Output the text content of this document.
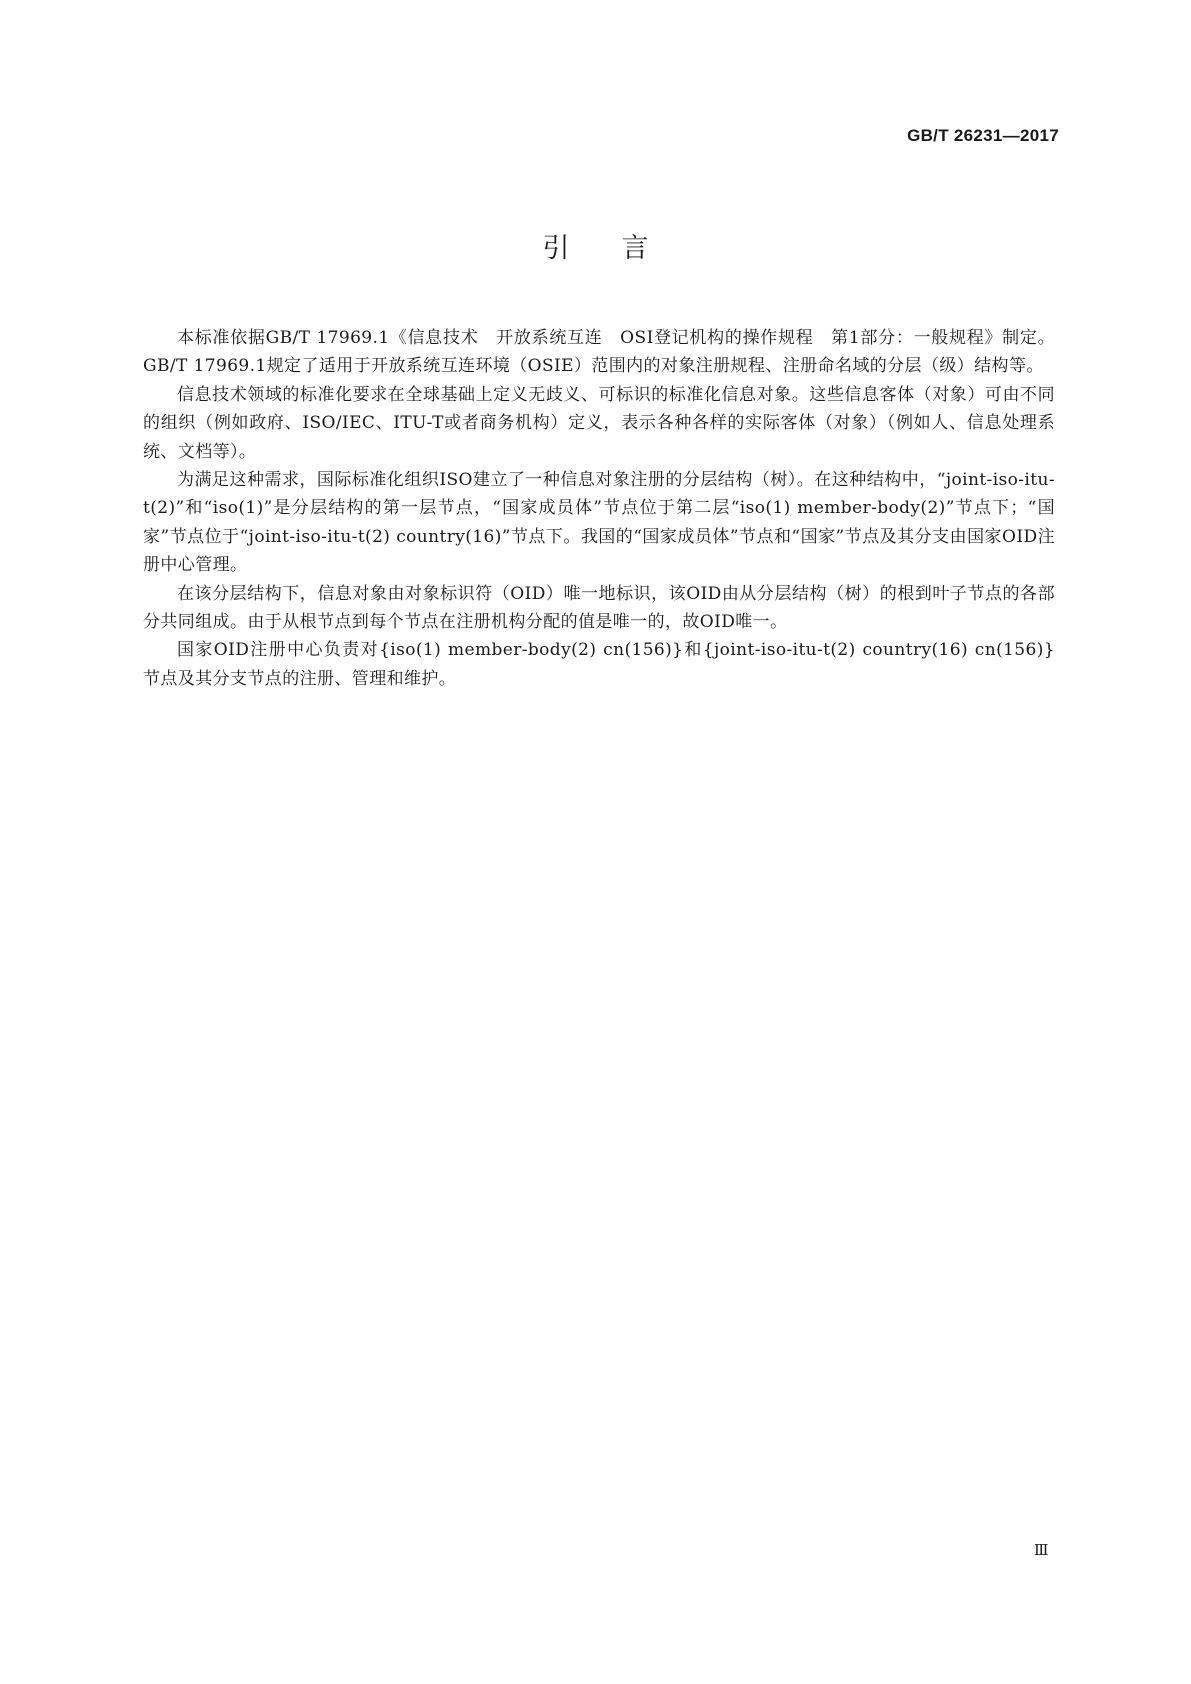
GB/T 26231—2017
引言

本标准依据GB/T 17969.1《信息技术　开放系统互连　OSI登记机构的操作规程　第1部分：一般规程》制定。GB/T 17969.1规定了适用于开放系统互连环境（OSIE）范围内的对象注册规程、注册命名域的分层（级）结构等。

信息技术领域的标准化要求在全球基础上定义无歧义、可标识的标准化信息对象。这些信息客体（对象）可由不同的组织（例如政府、ISO/IEC、ITU-T或者商务机构）定义，表示各种各样的实际客体（对象）（例如人、信息处理系统、文档等）。

为满足这种需求，国际标准化组织ISO建立了一种信息对象注册的分层结构（树）。在这种结构中，“joint-iso-itu-t(2)”和“iso(1)”是分层结构的第一层节点，“国家成员体”节点位于第二层“iso(1) member-body(2)”节点下；“国家”节点位于“joint-iso-itu-t(2) country(16)”节点下。我国的“国家成员体”节点和“国家”节点及其分支由国家OID注册中心管理。

在该分层结构下，信息对象由对象标识符（OID）唯一地标识，该OID由从分层结构（树）的根到叶子节点的各部分共同组成。由于从根节点到每个节点在注册机构分配的值是唯一的，故OID唯一。

国家OID注册中心负责对{iso(1) member-body(2) cn(156)}和{joint-iso-itu-t(2) country(16) cn(156)}节点及其分支节点的注册、管理和维护。

Ⅲ
